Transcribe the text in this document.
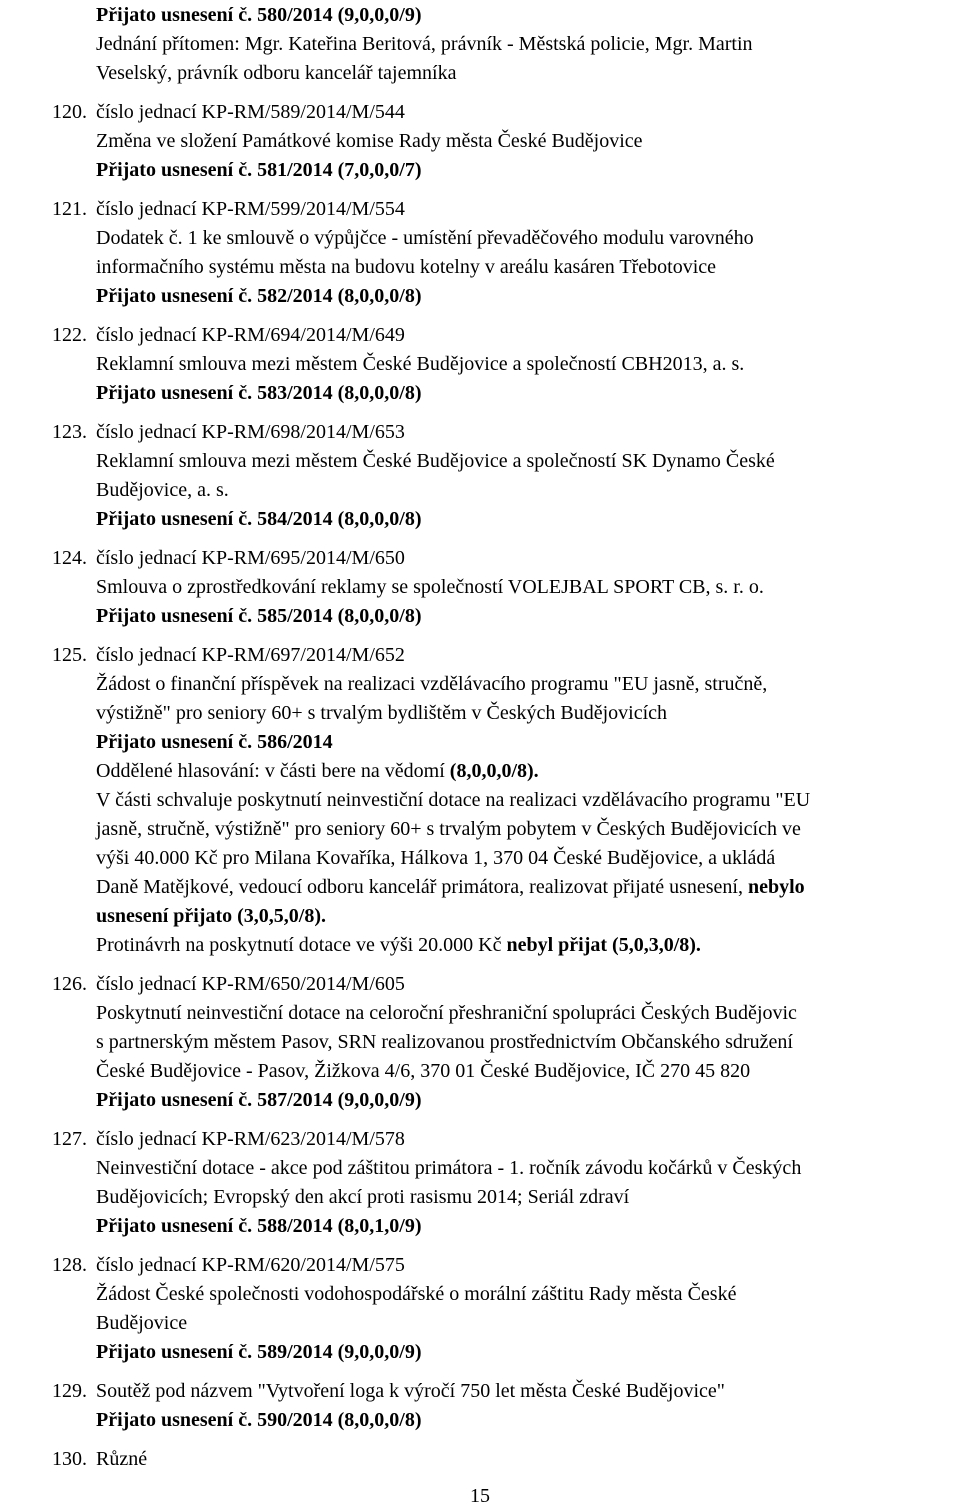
Přijato usnesení č. 580/2014 (9,0,0,0/9)
Jednání přítomen: Mgr. Kateřina Beritová, právník - Městská policie, Mgr. Martin
Veselský, právník odboru kancelář tajemníka
120. číslo jednací KP-RM/589/2014/M/544
Změna ve složení Památkové komise Rady města České Budějovice
Přijato usnesení č. 581/2014 (7,0,0,0/7)
121. číslo jednací KP-RM/599/2014/M/554
Dodatek č. 1 ke smlouvě o výpůjčce - umístění převaděčového modulu varovného
informačního systému města na budovu kotelny v areálu kasáren Třebotovice
Přijato usnesení č. 582/2014 (8,0,0,0/8)
122. číslo jednací KP-RM/694/2014/M/649
Reklamní smlouva mezi městem České Budějovice a společností CBH2013, a. s.
Přijato usnesení č. 583/2014 (8,0,0,0/8)
123. číslo jednací KP-RM/698/2014/M/653
Reklamní smlouva mezi městem České Budějovice a společností SK Dynamo České
Budějovice, a. s.
Přijato usnesení č. 584/2014 (8,0,0,0/8)
124. číslo jednací KP-RM/695/2014/M/650
Smlouva o zprostředkování reklamy se společností VOLEJBAL SPORT CB, s. r. o.
Přijato usnesení č. 585/2014 (8,0,0,0/8)
125. číslo jednací KP-RM/697/2014/M/652
Žádost o finanční příspěvek na realizaci vzdělávacího programu "EU jasně, stručně,
výstižně" pro seniory 60+ s trvalým bydlištěm v Českých Budějovicích
Přijato usnesení č. 586/2014
Oddělené hlasování: v části bere na vědomí (8,0,0,0/8).
V části schvaluje poskytnutí neinvestiční dotace na realizaci vzdělávacího programu "EU
jasně, stručně, výstižně" pro seniory 60+ s trvalým pobytem v Českých Budějovicích ve
výši 40.000 Kč pro Milana Kovaříka, Hálkova 1, 370 04 České Budějovice, a ukládá
Daně Matějkové, vedoucí odboru kancelář primátora, realizovat přijaté usnesení, nebylo
usnesení přijato (3,0,5,0/8).
Protinávrh na poskytnutí dotace ve výši 20.000 Kč nebyl přijat (5,0,3,0/8).
126. číslo jednací KP-RM/650/2014/M/605
Poskytnutí neinvestiční dotace na celoroční přeshraniční spolupráci Českých Budějovic
s partnerským městem Pasov, SRN realizovanou prostřednictvím Občanského sdružení
České Budějovice - Pasov, Žižkova 4/6, 370 01 České Budějovice, IČ 270 45 820
Přijato usnesení č. 587/2014 (9,0,0,0/9)
127. číslo jednací KP-RM/623/2014/M/578
Neinvestiční dotace - akce pod záštitou primátora - 1. ročník závodu kočárků v Českých
Budějovicích; Evropský den akcí proti rasismu 2014; Seriál zdraví
Přijato usnesení č. 588/2014 (8,0,1,0/9)
128. číslo jednací KP-RM/620/2014/M/575
Žádost České společnosti vodohospodářské o morální záštitu Rady města České
Budějovice
Přijato usnesení č. 589/2014 (9,0,0,0/9)
129. Soutěž pod názvem "Vytvoření loga k výročí 750 let města České Budějovice"
Přijato usnesení č. 590/2014 (8,0,0,0/8)
130. Různé
15
